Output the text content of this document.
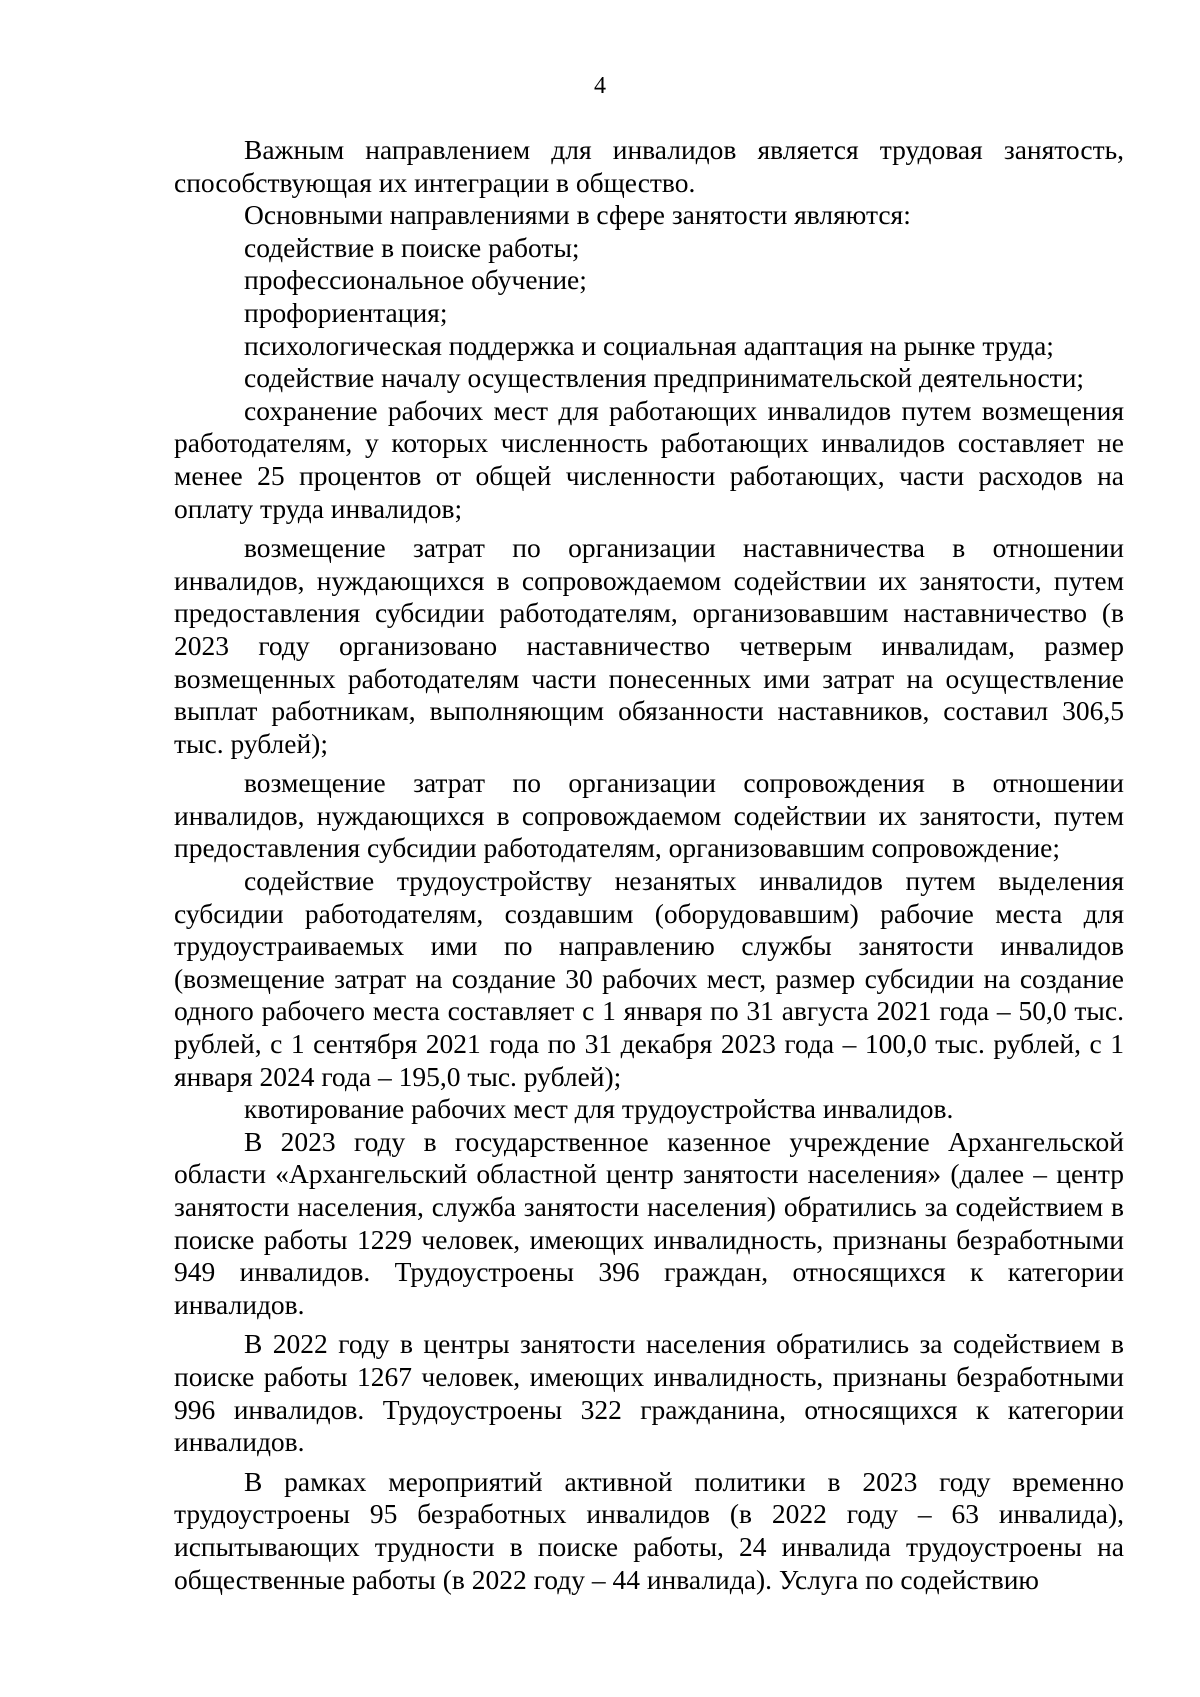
4

Важным направлением для инвалидов является трудовая занятость, способствующая их интеграции в общество.

Основными направлениями в сфере занятости являются:

содействие в поиске работы;

профессиональное обучение;

профориентация;

психологическая поддержка и социальная адаптация на рынке труда;

содействие началу осуществления предпринимательской деятельности;

сохранение рабочих мест для работающих инвалидов путем возмещения работодателям, у которых численность работающих инвалидов составляет не менее 25 процентов от общей численности работающих, части расходов на оплату труда инвалидов;

возмещение затрат по организации наставничества в отношении инвалидов, нуждающихся в сопровождаемом содействии их занятости, путем предоставления субсидии работодателям, организовавшим наставничество (в 2023 году организовано наставничество четверым инвалидам, размер возмещенных работодателям части понесенных ими затрат на осуществление выплат работникам, выполняющим обязанности наставников, составил 306,5 тыс. рублей);

возмещение затрат по организации сопровождения в отношении инвалидов, нуждающихся в сопровождаемом содействии их занятости, путем предоставления субсидии работодателям, организовавшим сопровождение;

содействие трудоустройству незанятых инвалидов путем выделения субсидии работодателям, создавшим (оборудовавшим) рабочие места для трудоустраиваемых ими по направлению службы занятости инвалидов (возмещение затрат на создание 30 рабочих мест, размер субсидии на создание одного рабочего места составляет с 1 января по 31 августа 2021 года – 50,0 тыс. рублей, с 1 сентября 2021 года по 31 декабря 2023 года – 100,0 тыс. рублей, с 1 января 2024 года – 195,0 тыс. рублей);

квотирование рабочих мест для трудоустройства инвалидов.

В 2023 году в государственное казенное учреждение Архангельской области «Архангельский областной центр занятости населения» (далее – центр занятости населения, служба занятости населения) обратились за содействием в поиске работы 1229 человек, имеющих инвалидность, признаны безработными 949 инвалидов. Трудоустроены 396 граждан, относящихся к категории инвалидов.

В 2022 году в центры занятости населения обратились за содействием в поиске работы 1267 человек, имеющих инвалидность, признаны безработными 996 инвалидов. Трудоустроены 322 гражданина, относящихся к категории инвалидов.

В рамках мероприятий активной политики в 2023 году временно трудоустроены 95 безработных инвалидов (в 2022 году – 63 инвалида), испытывающих трудности в поиске работы, 24 инвалида трудоустроены на общественные работы (в 2022 году – 44 инвалида). Услуга по содействию
